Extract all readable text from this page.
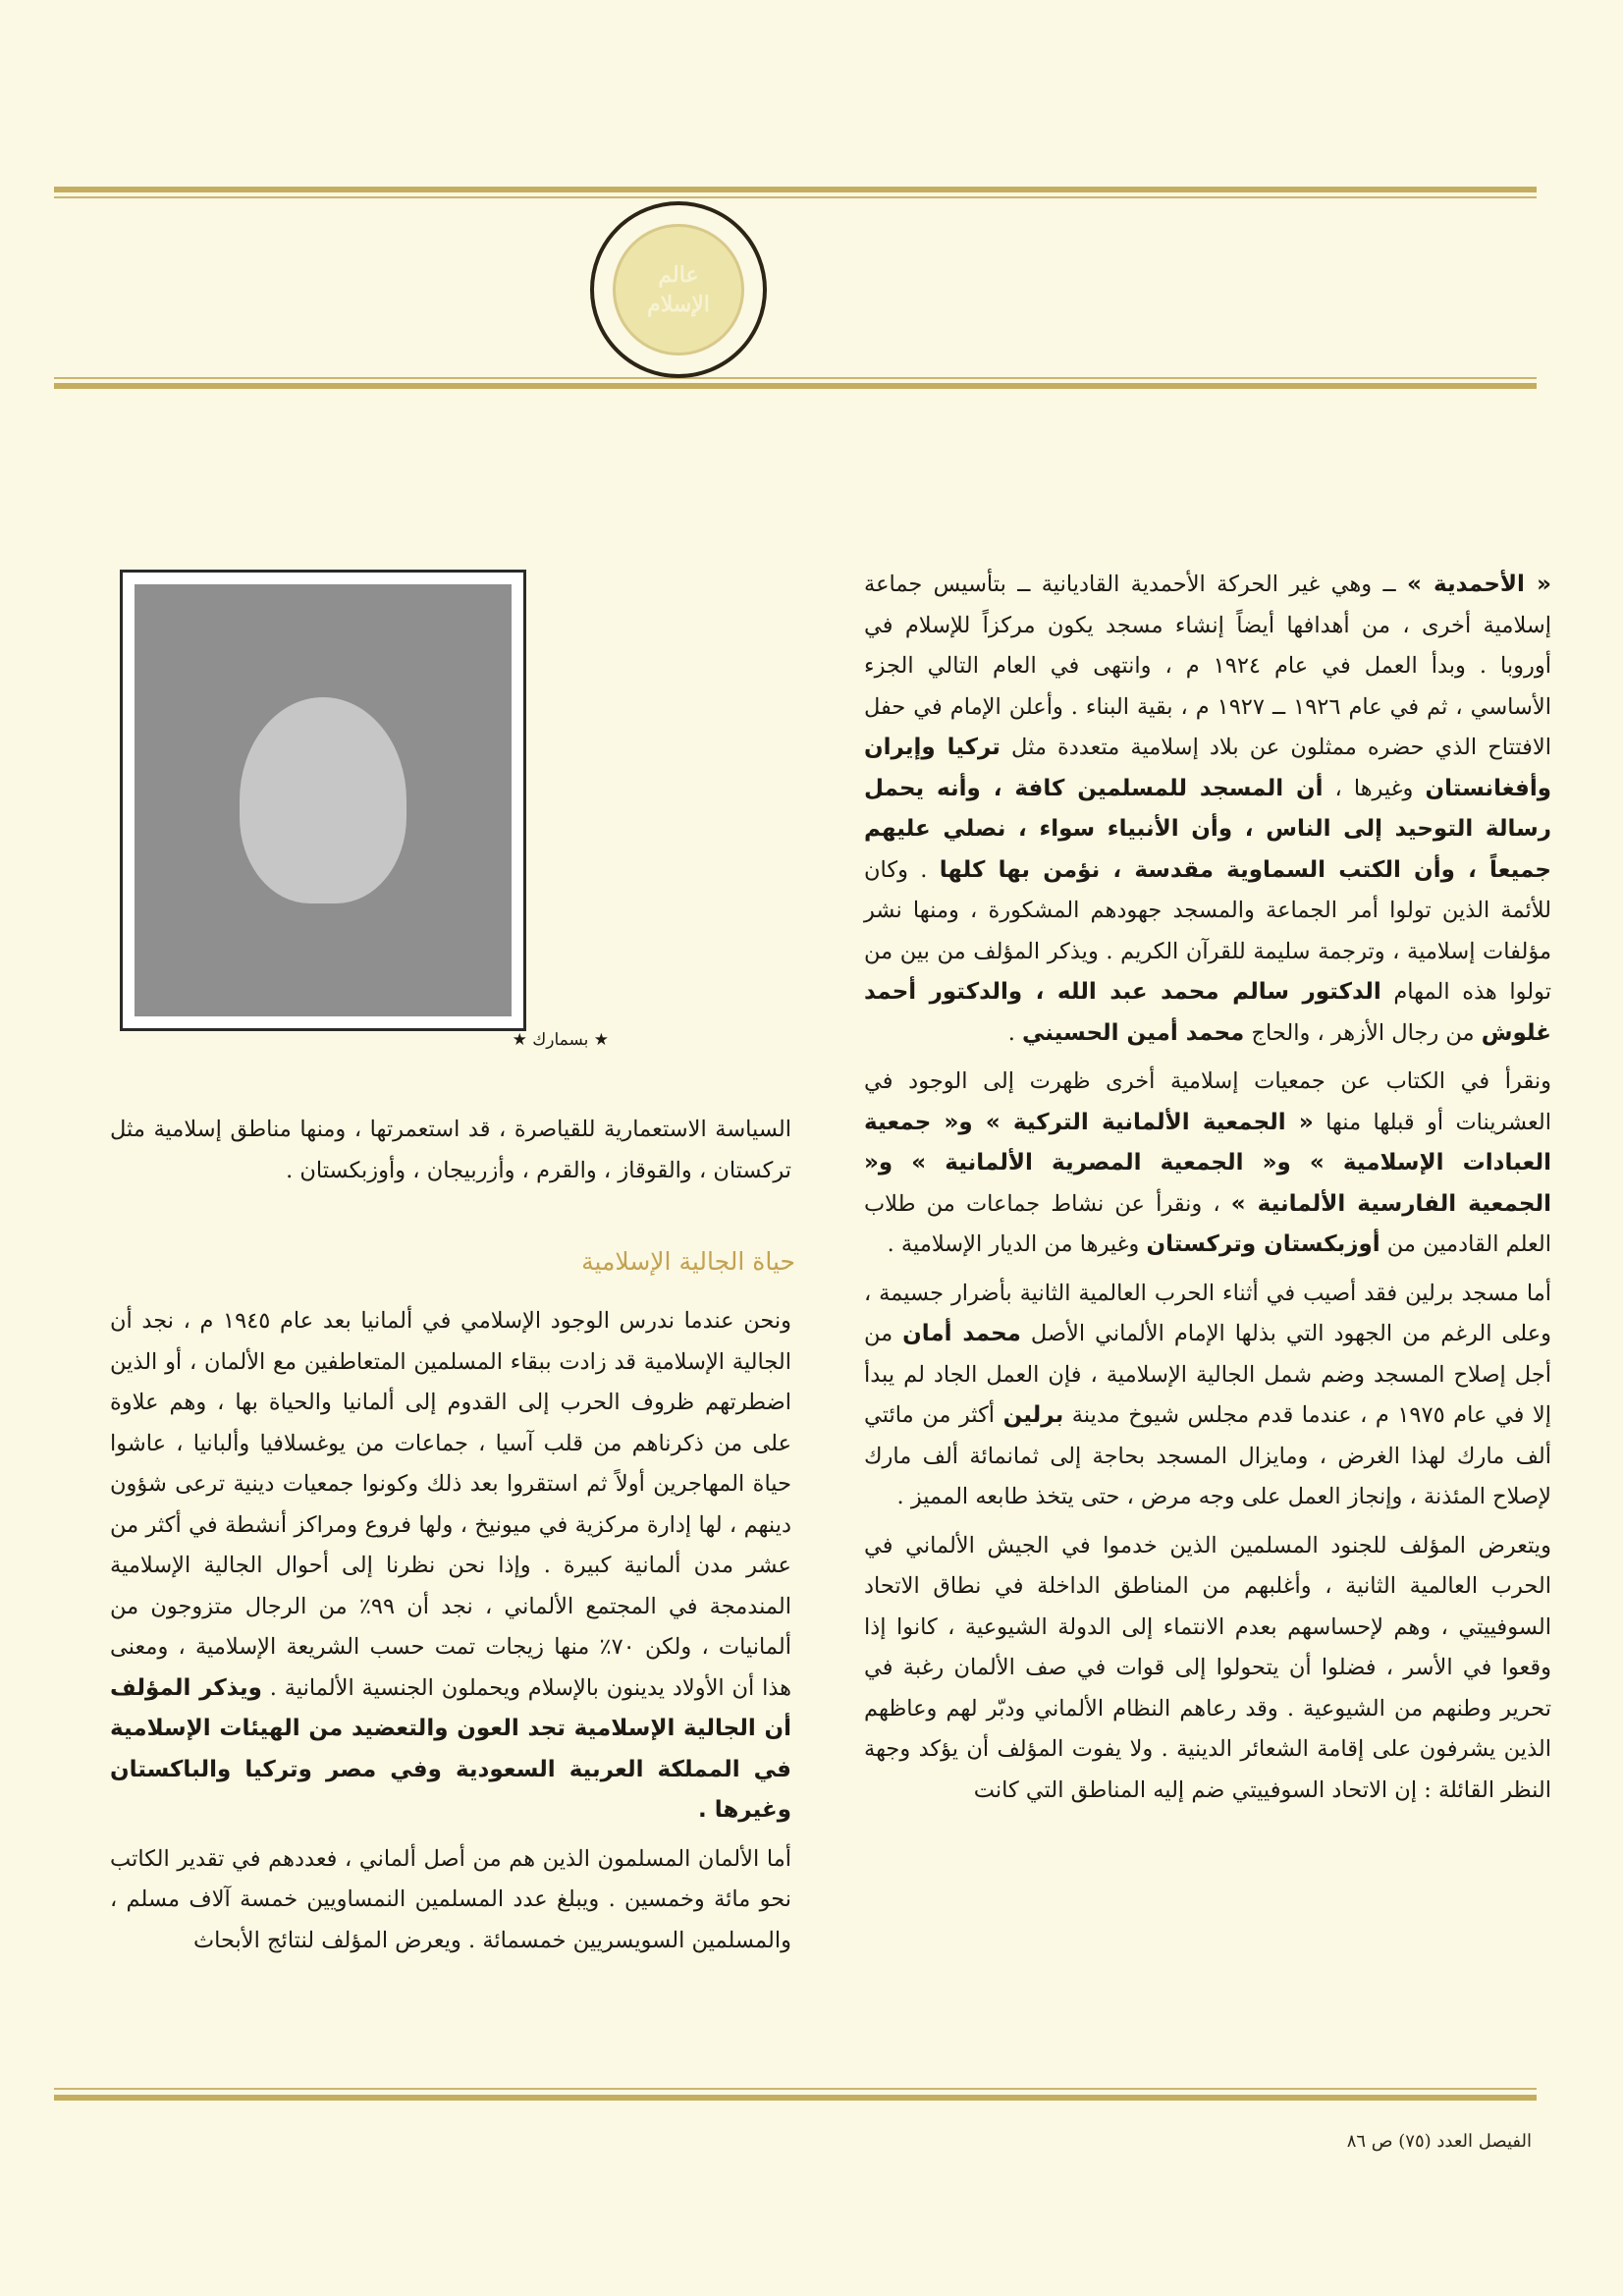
عالم
الإسلام
★ بسمارك ★

« الأحمدية » ــ وهي غير الحركة الأحمدية القاديانية ــ بتأسيس جماعة إسلامية أخرى ، من أهدافها أيضاً إنشاء مسجد يكون مركزاً للإسلام في أوروبا . وبدأ العمل في عام ١٩٢٤ م ، وانتهى في العام التالي الجزء الأساسي ، ثم في عام ١٩٢٦ ــ ١٩٢٧ م ، بقية البناء . وأعلن الإمام في حفل الافتتاح الذي حضره ممثلون عن بلاد إسلامية متعددة مثل تركيا وإيران وأفغانستان وغيرها ، أن المسجد للمسلمين كافة ، وأنه يحمل رسالة التوحيد إلى الناس ، وأن الأنبياء سواء ، نصلي عليهم جميعاً ، وأن الكتب السماوية مقدسة ، نؤمن بها كلها . وكان للأئمة الذين تولوا أمر الجماعة والمسجد جهودهم المشكورة ، ومنها نشر مؤلفات إسلامية ، وترجمة سليمة للقرآن الكريم . ويذكر المؤلف من بين من تولوا هذه المهام الدكتور سالم محمد عبد الله ، والدكتور أحمد غلوش من رجال الأزهر ، والحاج محمد أمين الحسيني .

ونقرأ في الكتاب عن جمعيات إسلامية أخرى ظهرت إلى الوجود في العشرينات أو قبلها منها « الجمعية الألمانية التركية » و« جمعية العبادات الإسلامية » و« الجمعية المصرية الألمانية » و« الجمعية الفارسية الألمانية » ، ونقرأ عن نشاط جماعات من طلاب العلم القادمين من أوزبكستان وتركستان وغيرها من الديار الإسلامية .

أما مسجد برلين فقد أصيب في أثناء الحرب العالمية الثانية بأضرار جسيمة ، وعلى الرغم من الجهود التي بذلها الإمام الألماني الأصل محمد أمان من أجل إصلاح المسجد وضم شمل الجالية الإسلامية ، فإن العمل الجاد لم يبدأ إلا في عام ١٩٧٥ م ، عندما قدم مجلس شيوخ مدينة برلين أكثر من مائتي ألف مارك لهذا الغرض ، ومايزال المسجد بحاجة إلى ثمانمائة ألف مارك لإصلاح المئذنة ، وإنجاز العمل على وجه مرض ، حتى يتخذ طابعه المميز .

ويتعرض المؤلف للجنود المسلمين الذين خدموا في الجيش الألماني في الحرب العالمية الثانية ، وأغلبهم من المناطق الداخلة في نطاق الاتحاد السوفييتي ، وهم لإحساسهم بعدم الانتماء إلى الدولة الشيوعية ، كانوا إذا وقعوا في الأسر ، فضلوا أن يتحولوا إلى قوات في صف الألمان رغبة في تحرير وطنهم من الشيوعية . وقد رعاهم النظام الألماني ودبّر لهم وعاظهم الذين يشرفون على إقامة الشعائر الدينية . ولا يفوت المؤلف أن يؤكد وجهة النظر القائلة : إن الاتحاد السوفييتي ضم إليه المناطق التي كانت

السياسة الاستعمارية للقياصرة ، قد استعمرتها ، ومنها مناطق إسلامية مثل تركستان ، والقوقاز ، والقرم ، وأزربيجان ، وأوزبكستان .

حياة الجالية الإسلامية

ونحن عندما ندرس الوجود الإسلامي في ألمانيا بعد عام ١٩٤٥ م ، نجد أن الجالية الإسلامية قد زادت ببقاء المسلمين المتعاطفين مع الألمان ، أو الذين اضطرتهم ظروف الحرب إلى القدوم إلى ألمانيا والحياة بها ، وهم علاوة على من ذكرناهم من قلب آسيا ، جماعات من يوغسلافيا وألبانيا ، عاشوا حياة المهاجرين أولاً ثم استقروا بعد ذلك وكونوا جمعيات دينية ترعى شؤون دينهم ، لها إدارة مركزية في ميونيخ ، ولها فروع ومراكز أنشطة في أكثر من عشر مدن ألمانية كبيرة . وإذا نحن نظرنا إلى أحوال الجالية الإسلامية المندمجة في المجتمع الألماني ، نجد أن ٩٩٪ من الرجال متزوجون من ألمانيات ، ولكن ٧٠٪ منها زيجات تمت حسب الشريعة الإسلامية ، ومعنى هذا أن الأولاد يدينون بالإسلام ويحملون الجنسية الألمانية . ويذكر المؤلف أن الجالية الإسلامية تجد العون والتعضيد من الهيئات الإسلامية في المملكة العربية السعودية وفي مصر وتركيا والباكستان وغيرها .

أما الألمان المسلمون الذين هم من أصل ألماني ، فعددهم في تقدير الكاتب نحو مائة وخمسين . ويبلغ عدد المسلمين النمساويين خمسة آلاف مسلم ، والمسلمين السويسريين خمسمائة . ويعرض المؤلف لنتائج الأبحاث

الفيصل العدد (٧٥) ص ٨٦
